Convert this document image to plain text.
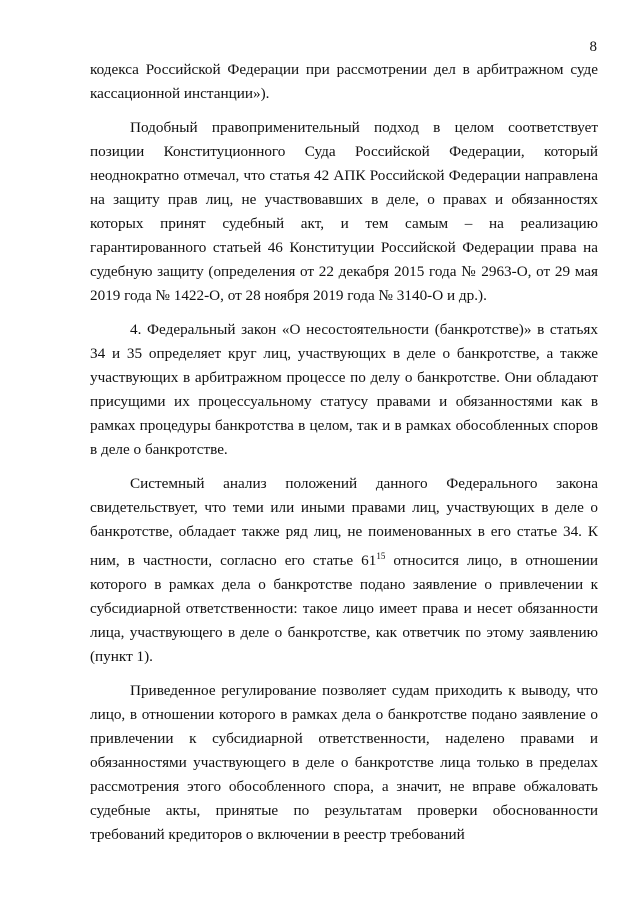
8

кодекса Российской Федерации при рассмотрении дел в арбитражном суде кассационной инстанции»).

Подобный правоприменительный подход в целом соответствует позиции Конституционного Суда Российской Федерации, который неоднократно отмечал, что статья 42 АПК Российской Федерации направлена на защиту прав лиц, не участвовавших в деле, о правах и обязанностях которых принят судебный акт, и тем самым – на реализацию гарантированного статьей 46 Конституции Российской Федерации права на судебную защиту (определения от 22 декабря 2015 года № 2963-О, от 29 мая 2019 года № 1422-О, от 28 ноября 2019 года № 3140-О и др.).

4. Федеральный закон «О несостоятельности (банкротстве)» в статьях 34 и 35 определяет круг лиц, участвующих в деле о банкротстве, а также участвующих в арбитражном процессе по делу о банкротстве. Они обладают присущими их процессуальному статусу правами и обязанностями как в рамках процедуры банкротства в целом, так и в рамках обособленных споров в деле о банкротстве.

Системный анализ положений данного Федерального закона свидетельствует, что теми или иными правами лиц, участвующих в деле о банкротстве, обладает также ряд лиц, не поименованных в его статье 34. К ним, в частности, согласно его статье $61^{15}$ относится лицо, в отношении которого в рамках дела о банкротстве подано заявление о привлечении к субсидиарной ответственности: такое лицо имеет права и несет обязанности лица, участвующего в деле о банкротстве, как ответчик по этому заявлению (пункт 1).

Приведенное регулирование позволяет судам приходить к выводу, что лицо, в отношении которого в рамках дела о банкротстве подано заявление о привлечении к субсидиарной ответственности, наделено правами и обязанностями участвующего в деле о банкротстве лица только в пределах рассмотрения этого обособленного спора, а значит, не вправе обжаловать судебные акты, принятые по результатам проверки обоснованности требований кредиторов о включении в реестр требований
